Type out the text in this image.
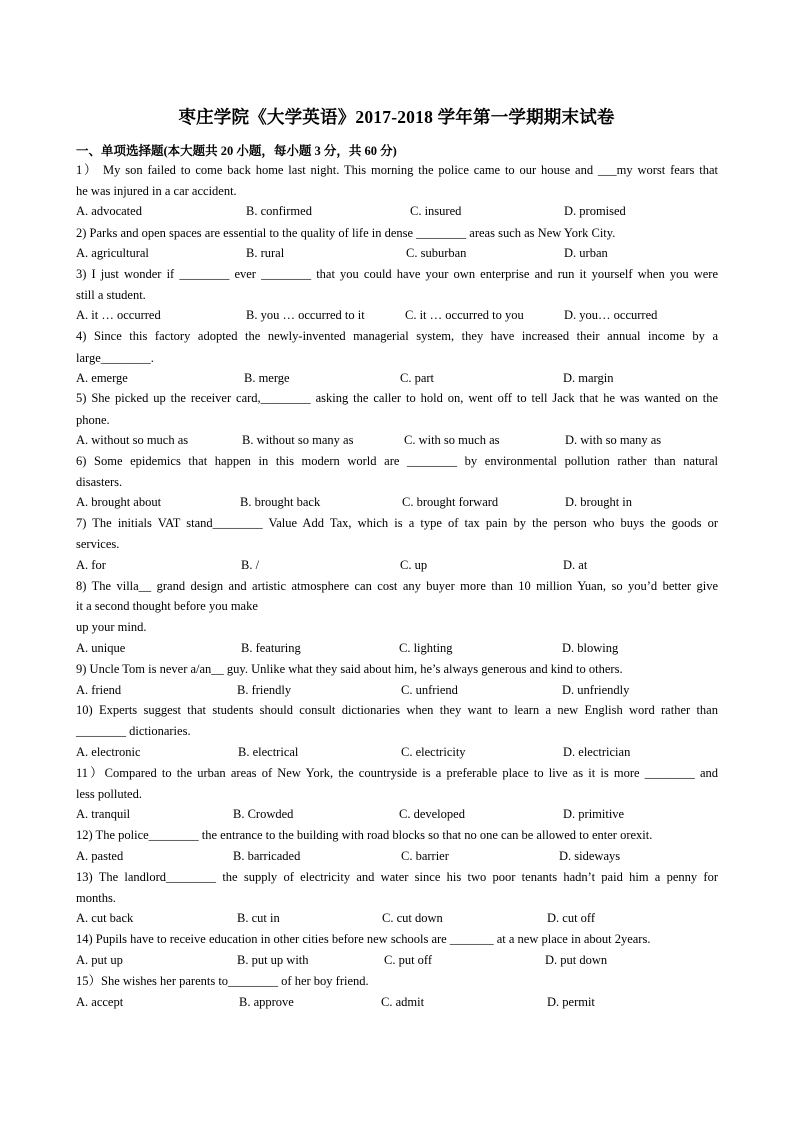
枣庄学院《大学英语》2017-2018 学年第一学期期末试卷
一、单项选择题(本大题共 20 小题，每小题 3 分，共 60 分)
1） My son failed to come back home last night. This morning the police came to our house and ___my worst fears that
he was injured in a car accident.
A. advocated	B. confirmed	C. insured	D. promised
2) Parks and open spaces are essential to the quality of life in dense ________ areas such as New York City.
A. agricultural	B. rural	C. suburban	D. urban
3) I just wonder if ________ ever ________ that you could have your own enterprise and run it yourself when you were
still a student.
A. it … occurred	B. you … occurred to it	C. it … occurred to you	D. you… occurred
4) Since this factory adopted the newly-invented managerial system, they have increased their annual income by a
large________.
A. emerge	B. merge	C. part	D. margin
5) She picked up the receiver card,________ asking the caller to hold on, went off to tell Jack that he was wanted on the
phone.
A. without so much as	B. without so many as	C. with so much as	D. with so many as
6) Some epidemics that happen in this modern world are ________ by environmental pollution rather than natural
disasters.
A. brought about	B. brought back	C. brought forward	D. brought in
7) The initials VAT stand________ Value Add Tax, which is a type of tax pain by the person who buys the goods or
services.
A. for	B. /	C. up	D. at
8) The villa__ grand design and artistic atmosphere can cost any buyer more than 10 million Yuan, so you’d better give
it a second thought before you make
up your mind.
A. unique	B. featuring	C. lighting	D. blowing
9) Uncle Tom is never a/an__ guy. Unlike what they said about him, he’s always generous and kind to others.
A. friend	B. friendly	C. unfriend	D. unfriendly
10) Experts suggest that students should consult dictionaries when they want to learn a new English word rather than
________ dictionaries.
A. electronic	B. electrical	C. electricity	D. electrician
11）Compared to the urban areas of New York, the countryside is a preferable place to live as it is more ________ and
less polluted.
A. tranquil	B. Crowded	C. developed	D. primitive
12) The police________ the entrance to the building with road blocks so that no one can be allowed to enter orexit.
A. pasted	B. barricaded	C. barrier	D. sideways
13) The landlord________ the supply of electricity and water since his two poor tenants hadn’t paid him a penny for
months.
A. cut back	B. cut in	C. cut down	D. cut off
14) Pupils have to receive education in other cities before new schools are _______ at a new place in about 2years.
A. put up	B. put up with	C. put off	D. put down
15）She wishes her parents to________ of her boy friend.
A. accept	B. approve	C. admit	D. permit
